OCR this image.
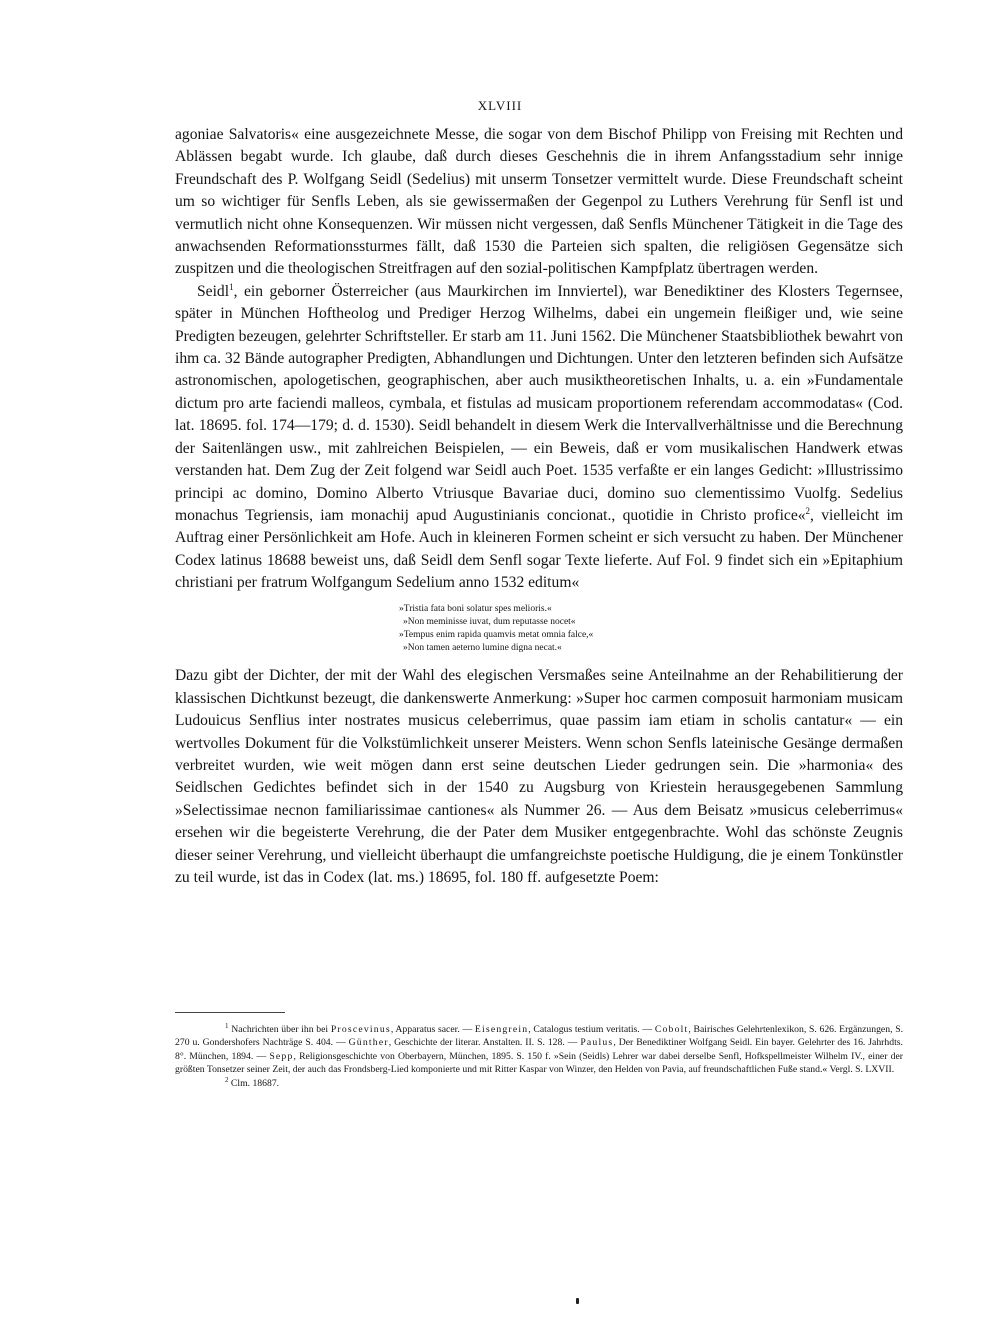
XLVIII

agoniae Salvatoris« eine ausgezeichnete Messe, die sogar von dem Bischof Philipp von Freising mit Rechten und Ablässen begabt wurde. Ich glaube, daß durch dieses Geschehnis die in ihrem Anfangsstadium sehr innige Freundschaft des P. Wolfgang Seidl (Sedelius) mit unserm Tonsetzer vermittelt wurde. Diese Freundschaft scheint um so wichtiger für Senfls Leben, als sie gewissermaßen der Gegenpol zu Luthers Verehrung für Senfl ist und vermutlich nicht ohne Konsequenzen. Wir müssen nicht vergessen, daß Senfls Münchener Tätigkeit in die Tage des anwachsenden Reformationssturmes fällt, daß 1530 die Parteien sich spalten, die religiösen Gegensätze sich zuspitzen und die theologischen Streitfragen auf den sozial-politischen Kampfplatz übertragen werden.

Seidl$^1$, ein geborner Österreicher (aus Maurkirchen im Innviertel), war Benediktiner des Klosters Tegernsee, später in München Hoftheolog und Prediger Herzog Wilhelms, dabei ein ungemein fleißiger und, wie seine Predigten bezeugen, gelehrter Schriftsteller. Er starb am 11. Juni 1562. Die Münchener Staatsbibliothek bewahrt von ihm ca. 32 Bände autographer Predigten, Abhandlungen und Dichtungen. Unter den letzteren befinden sich Aufsätze astronomischen, apologetischen, geographischen, aber auch musiktheoretischen Inhalts, u. a. ein »Fundamentale dictum pro arte faciendi malleos, cymbala, et fistulas ad musicam proportionem referendam accommodatas« (Cod. lat. 18695. fol. 174—179; d. d. 1530). Seidl behandelt in diesem Werk die Intervallverhältnisse und die Berechnung der Saitenlängen usw., mit zahlreichen Beispielen, — ein Beweis, daß er vom musikalischen Handwerk etwas verstanden hat. Dem Zug der Zeit folgend war Seidl auch Poet. 1535 verfaßte er ein langes Gedicht: »Illustrissimo principi ac domino, Domino Alberto Vtriusque Bavariae duci, domino suo clementissimo Vuolfg. Sedelius monachus Tegriensis, iam monachij apud Augustinianis concionat., quotidie in Christo profice«$^2$, vielleicht im Auftrag einer Persönlichkeit am Hofe. Auch in kleineren Formen scheint er sich versucht zu haben. Der Münchener Codex latinus 18688 beweist uns, daß Seidl dem Senfl sogar Texte lieferte. Auf Fol. 9 findet sich ein »Epitaphium christiani per fratrum Wolfgangum Sedelium anno 1532 editum«

»Tristia fata boni solatur spes melioris.«
»Non meminisse iuvat, dum reputasse nocet«
»Tempus enim rapida quamvis metat omnia falce,«
»Non tamen aeterno lumine digna necat.«

Dazu gibt der Dichter, der mit der Wahl des elegischen Versmaßes seine Anteilnahme an der Rehabilitierung der klassischen Dichtkunst bezeugt, die dankenswerte Anmerkung: »Super hoc carmen composuit harmoniam musicam Ludouicus Senflius inter nostrates musicus celeberrimus, quae passim iam etiam in scholis cantatur« — ein wertvolles Dokument für die Volkstümlichkeit unserer Meisters. Wenn schon Senfls lateinische Gesänge dermaßen verbreitet wurden, wie weit mögen dann erst seine deutschen Lieder gedrungen sein. Die »harmonia« des Seidlschen Gedichtes befindet sich in der 1540 zu Augsburg von Kriestein herausgegebenen Sammlung »Selectissimae necnon familiarissimae cantiones« als Nummer 26. — Aus dem Beisatz »musicus celeberrimus« ersehen wir die begeisterte Verehrung, die der Pater dem Musiker entgegenbrachte. Wohl das schönste Zeugnis dieser seiner Verehrung, und vielleicht überhaupt die umfangreichste poetische Huldigung, die je einem Tonkünstler zu teil wurde, ist das in Codex (lat. ms.) 18695, fol. 180 ff. aufgesetzte Poem:

$^1$ Nachrichten über ihn bei Proscevinus, Apparatus sacer. — Eisengrein, Catalogus testium veritatis. — Cobolt, Bairisches Gelehrtenlexikon, S. 626. Ergänzungen, S. 270 u. Gondershofers Nachträge S. 404. — Günther, Geschichte der literar. Anstalten. II. S. 128. — Paulus, Der Benediktiner Wolfgang Seidl. Ein bayer. Gelehrter des 16. Jahrhdts. 8°. München, 1894. — Sepp, Religionsgeschichte von Oberbayern, München, 1895. S. 150 f. »Sein (Seidls) Lehrer war dabei derselbe Senfl, Hofkspellmeister Wilhelm IV., einer der größten Tonsetzer seiner Zeit, der auch das Frondsberg-Lied komponierte und mit Ritter Kaspar von Winzer, den Helden von Pavia, auf freundschaftlichen Fuße stand.« Vergl. S. LXVII.

$^2$ Clm. 18687.
